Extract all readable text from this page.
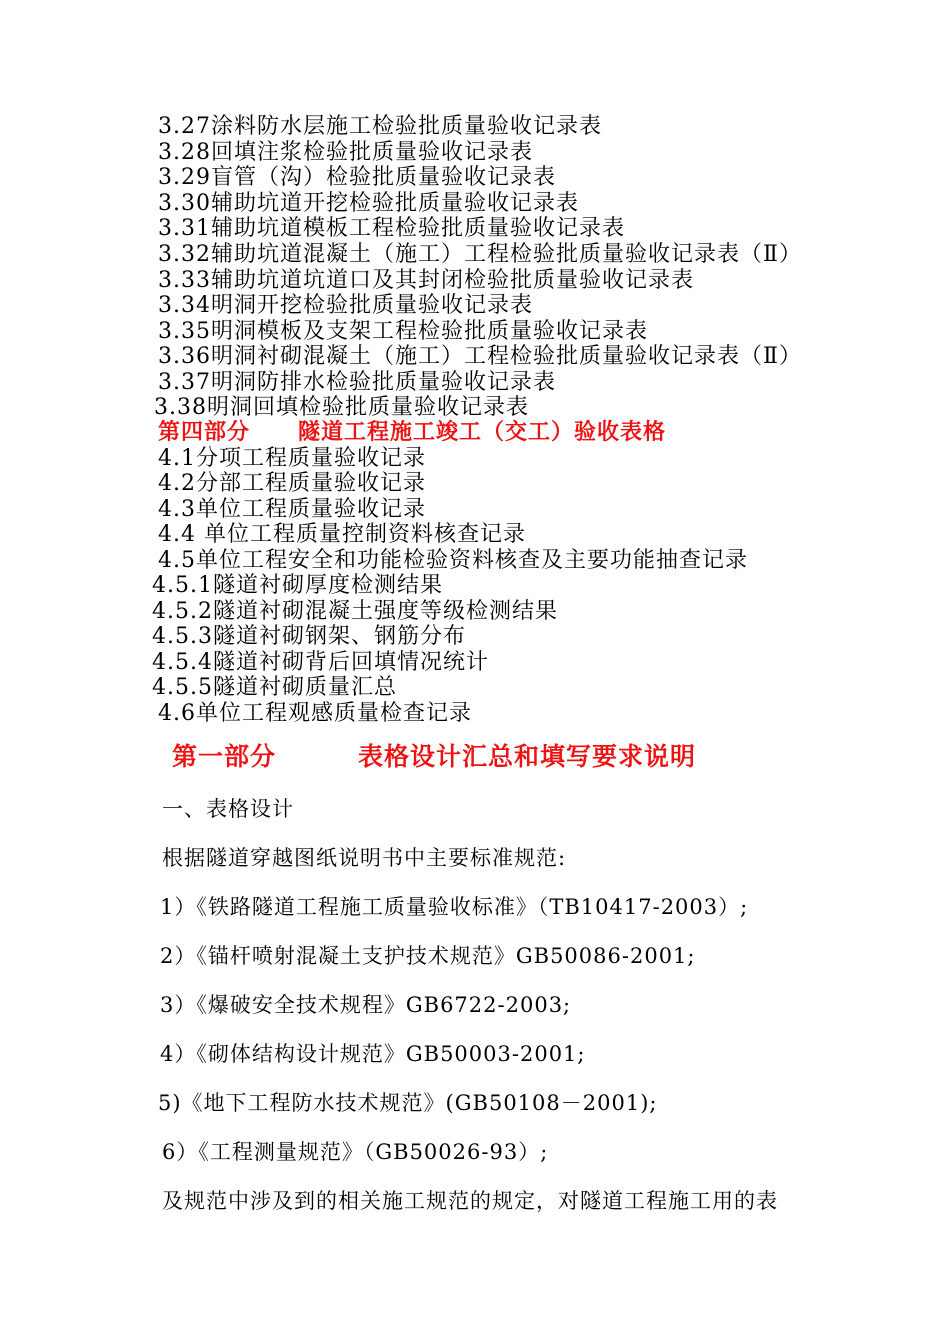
3.27涂料防水层施工检验批质量验收记录表
3.28回填注浆检验批质量验收记录表
3.29盲管（沟）检验批质量验收记录表
3.30辅助坑道开挖检验批质量验收记录表
3.31辅助坑道模板工程检验批质量验收记录表
3.32辅助坑道混凝土（施工）工程检验批质量验收记录表（Ⅱ）
3.33辅助坑道坑道口及其封闭检验批质量验收记录表
3.34明洞开挖检验批质量验收记录表
3.35明洞模板及支架工程检验批质量验收记录表
3.36明洞衬砌混凝土（施工）工程检验批质量验收记录表（Ⅱ）
3.37明洞防排水检验批质量验收记录表
3.38明洞回填检验批质量验收记录表
第四部分 隧道工程施工竣工（交工）验收表格
4.1分项工程质量验收记录
4.2分部工程质量验收记录
4.3单位工程质量验收记录
4.4 单位工程质量控制资料核查记录
4.5单位工程安全和功能检验资料核查及主要功能抽查记录
4.5.1隧道衬砌厚度检测结果
4.5.2隧道衬砌混凝土强度等级检测结果
4.5.3隧道衬砌钢架、钢筋分布
4.5.4隧道衬砌背后回填情况统计
4.5.5隧道衬砌质量汇总
4.6单位工程观感质量检查记录
第一部分	表格设计汇总和填写要求说明
一、表格设计
根据隧道穿越图纸说明书中主要标准规范:
1）《铁路隧道工程施工质量验收标准》（TB10417-2003）;
2）《锚杆喷射混凝土支护技术规范》GB50086-2001;
3）《爆破安全技术规程》GB6722-2003;
4）《砌体结构设计规范》GB50003-2001;
5)《地下工程防水技术规范》(GB50108－2001);
6）《工程测量规范》（GB50026-93）;
及规范中涉及到的相关施工规范的规定，对隧道工程施工用的表
